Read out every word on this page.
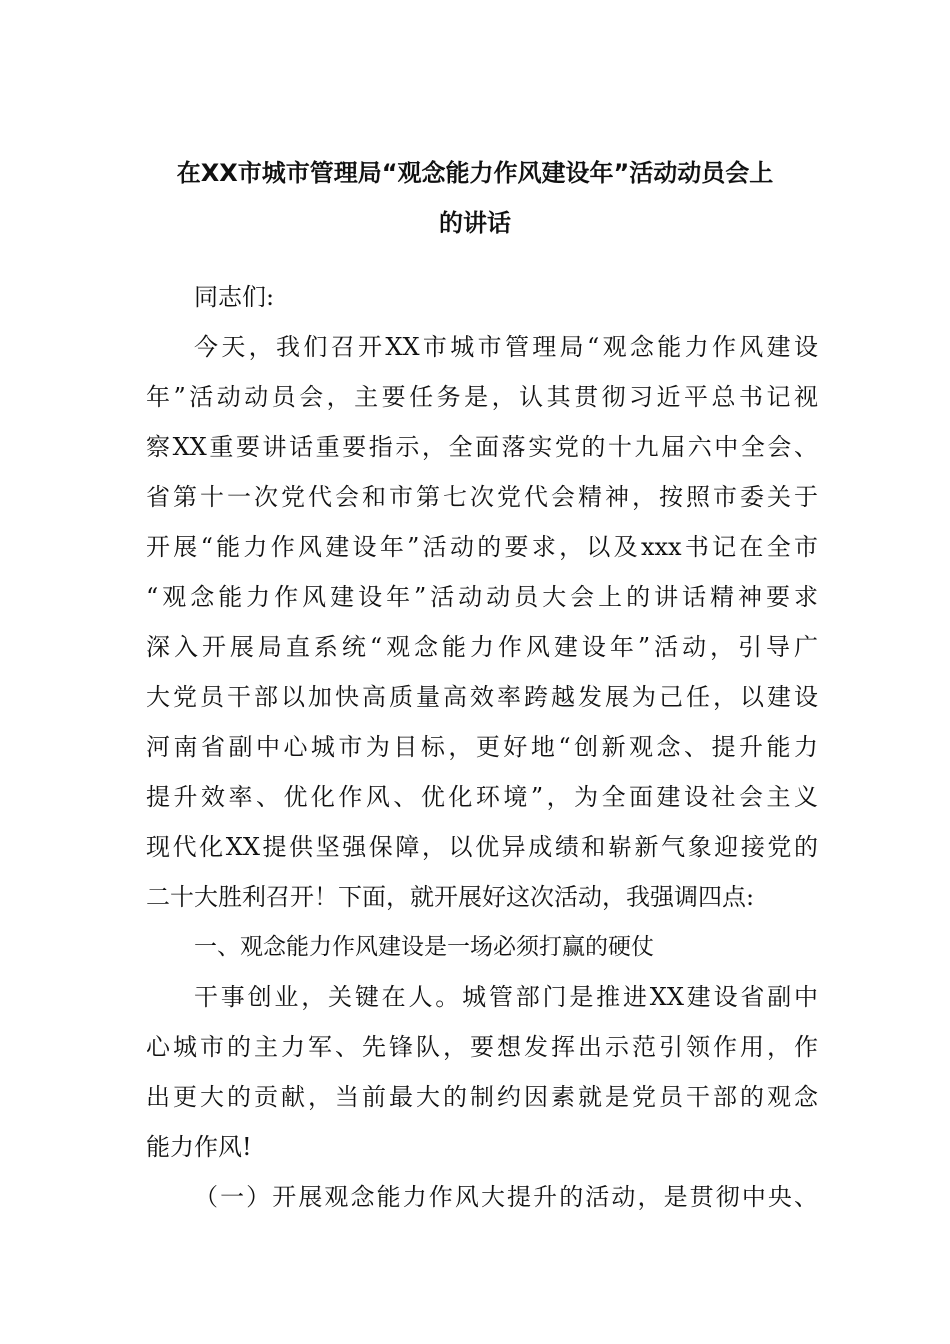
在XX市城市管理局“观念能力作风建设年”活动动员会上
的讲话
同志们:
今天，我们召开XX市城市管理局“观念能力作风建设
年”活动动员会，主要任务是，认其贯彻习近平总书记视
察XX重要讲话重要指示，全面落实党的十九届六中全会、
省第十一次党代会和市第七次党代会精神，按照市委关于
开展“能力作风建设年”活动的要求，以及xxx书记在全市
“观念能力作风建设年”活动动员大会上的讲话精神要求
深入开展局直系统“观念能力作风建设年”活动，引导广
大党员干部以加快高质量高效率跨越发展为己任，以建设
河南省副中心城市为目标，更好地“创新观念、提升能力
提升效率、优化作风、优化环境”，为全面建设社会主义
现代化XX提供坚强保障，以优异成绩和崭新气象迎接党的
二十大胜利召开！下面，就开展好这次活动，我强调四点:
一、观念能力作风建设是一场必须打赢的硬仗
干事创业，关键在人。城管部门是推进XX建设省副中
心城市的主力军、先锋队，要想发挥出示范引领作用，作
出更大的贡献，当前最大的制约因素就是党员干部的观念
能力作风!
（一）开展观念能力作风大提升的活动，是贯彻中央、
